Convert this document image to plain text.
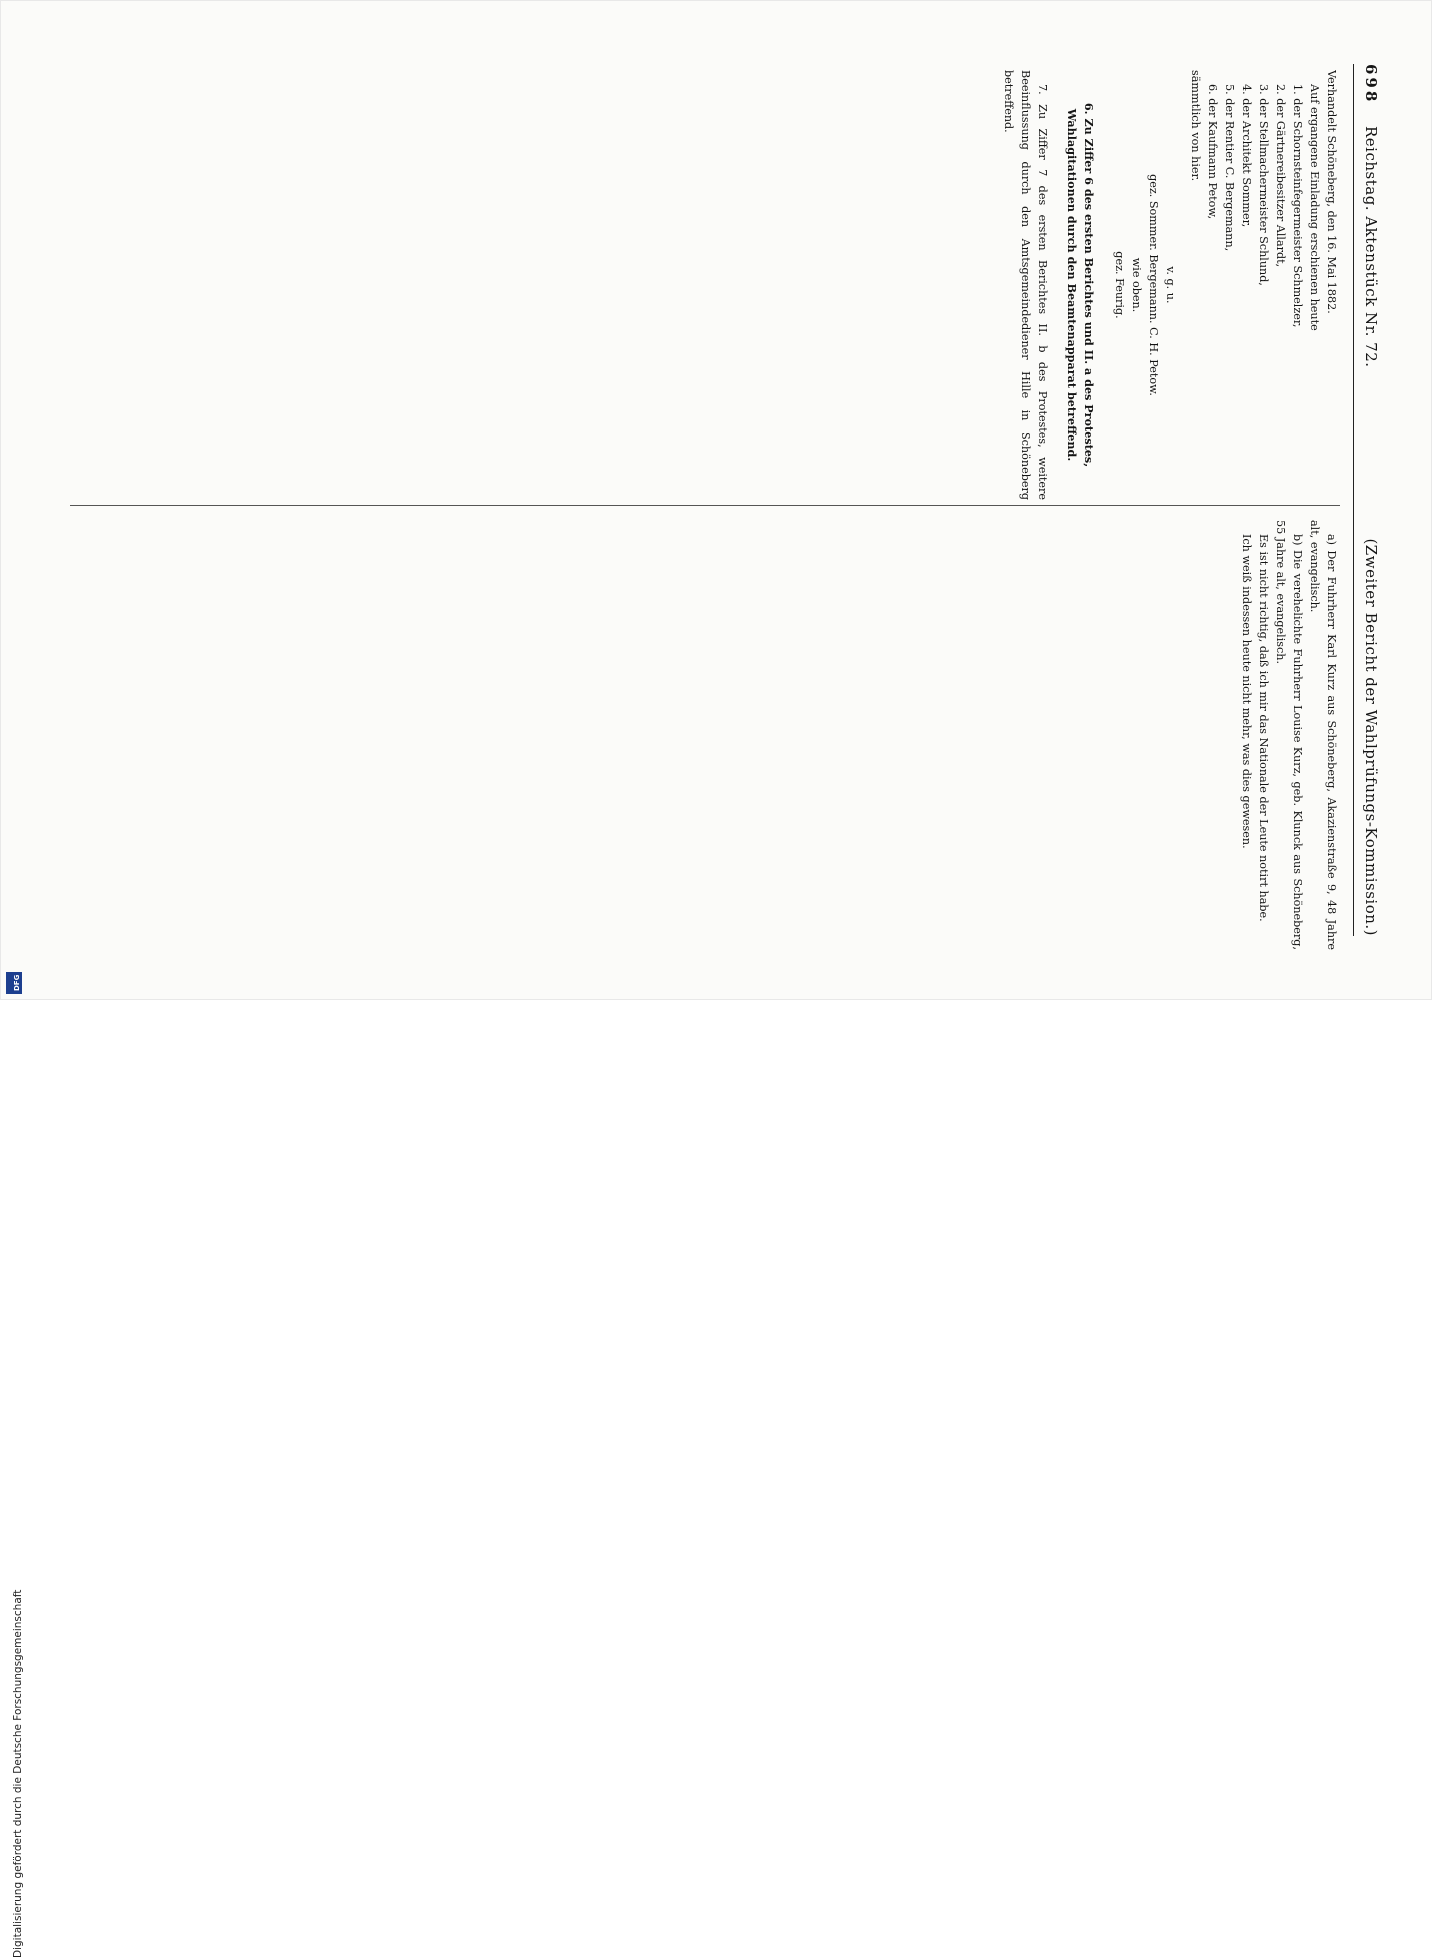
698
Reichstag. Aktenstück Nr. 72.
(Zweiter Bericht der Wahlprüfungs-Kommission.)

Verhandelt Schöneberg, den 16. Mai 1882.

Auf ergangene Einladung erschienen heute

1. der Schornsteinfegermeister Schmelzer,

2. der Gärtnereibesitzer Allardt,

3. der Stellmachermeister Schlund,

4. der Architekt Sommer,

5. der Rentier C. Bergemann,

6. der Kaufmann Petow,

sämmtlich von hier.

v. g. u.

gez. Sommer. Bergemann. C. H. Petow.

wie oben.

gez. Feurig.

6. Zu Ziffer 6 des ersten Berichtes und II. a des Protestes, Wahlagitationen durch den Beamtenapparat betreffend.

7. Zu Ziffer 7 des ersten Berichtes II. b des Protestes, weitere Beeinflussung durch den Amtsgemeindediener Hille in Schöneberg betreffend.

a) Der Fuhrherr Karl Kurz aus Schöneberg, Akazienstraße 9, 48 Jahre alt, evangelisch.

b) Die verehelichte Fuhrherr Louise Kurz, geb. Klunck aus Schöneberg, 55 Jahre alt, evangelisch.

Es ist nicht richtig, daß ich mir das Nationale der Leute notirt habe.

Ich weiß indessen heute nicht mehr, was dies gewesen.

Digitalisierung gefördert durch die Deutsche Forschungsgemeinschaft
DFG
